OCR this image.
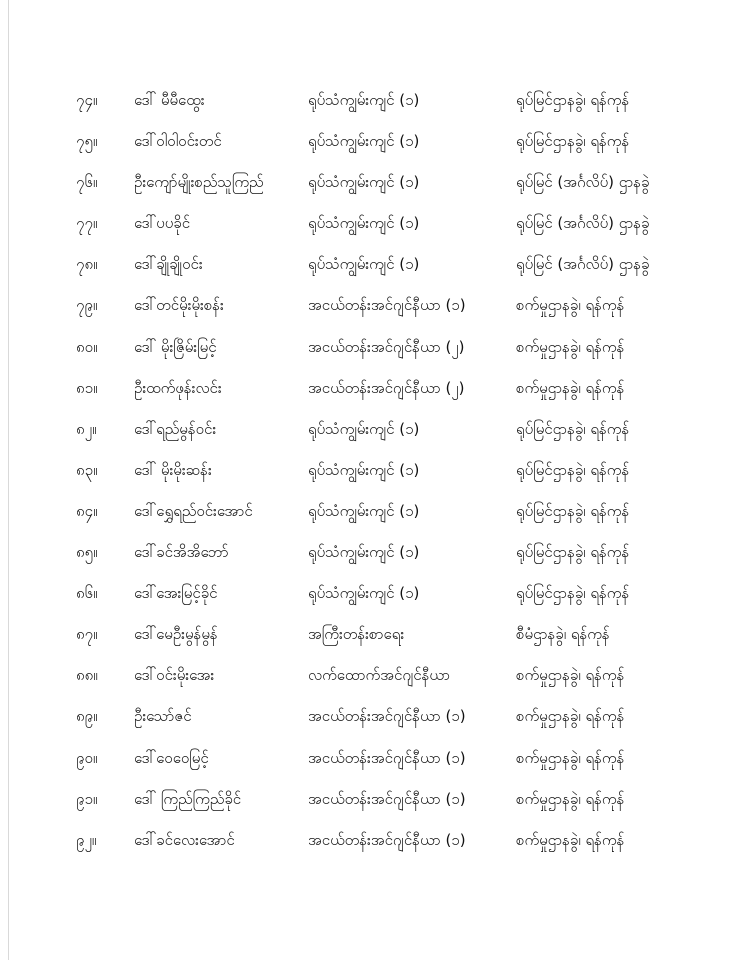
၇၄။ ဒေါ် မီမီထွေး	ရုပ်သံကျွမ်းကျင် (၁)	ရုပ်မြင်ဌာနခွဲ၊ ရန်ကုန်
၇၅။ ဒေါ်ဝါဝါဝင်းတင်	ရုပ်သံကျွမ်းကျင် (၁)	ရုပ်မြင်ဌာနခွဲ၊ ရန်ကုန်
၇၆။ ဦးကျော်မျိုးစည်သူကြည်	ရုပ်သံကျွမ်းကျင် (၁)	ရုပ်မြင် (အင်္ဂလိပ်) ဌာနခွဲ
၇၇။ ဒေါ်ပပခိုင်	ရုပ်သံကျွမ်းကျင် (၁)	ရုပ်မြင် (အင်္ဂလိပ်) ဌာနခွဲ
၇၈။ ဒေါ်ချိုချိုဝင်း	ရုပ်သံကျွမ်းကျင် (၁)	ရုပ်မြင် (အင်္ဂလိပ်) ဌာနခွဲ
၇၉။ ဒေါ်တင်မိုးမိုးစန်း	အငယ်တန်းအင်ဂျင်နီယာ (၁)	စက်မှုဌာနခွဲ၊ ရန်ကုန်
၈၀။ ဒေါ် မိုးဇြိမ်းမြင့်	အငယ်တန်းအင်ဂျင်နီယာ (၂)	စက်မှုဌာနခွဲ၊ ရန်ကုန်
၈၁။ ဦးထက်ဖုန်းလင်း	အငယ်တန်းအင်ဂျင်နီယာ (၂)	စက်မှုဌာနခွဲ၊ ရန်ကုန်
၈၂။	ဒေါ်ရည်မွန်ဝင်း	ရုပ်သံကျွမ်းကျင် (၁)	ရုပ်မြင်ဌာနခွဲ၊ ရန်ကုန်
၈၃။ ဒေါ် မိုးမိုးဆန်း	ရုပ်သံကျွမ်းကျင် (၁)	ရုပ်မြင်ဌာနခွဲ၊ ရန်ကုန်
၈၄။ ဒေါ်ရွှေရည်ဝင်းအောင်	ရုပ်သံကျွမ်းကျင် (၁)	ရုပ်မြင်ဌာနခွဲ၊ ရန်ကုန်
၈၅။ ဒေါ်ခင်အိအိဘော်	ရုပ်သံကျွမ်းကျင် (၁)	ရုပ်မြင်ဌာနခွဲ၊ ရန်ကုန်
၈၆။ ဒေါ်အေးမြင့်ခိုင်	ရုပ်သံကျွမ်းကျင် (၁)	ရုပ်မြင်ဌာနခွဲ၊ ရန်ကုန်
၈၇။ ဒေါ်မေဦးမွန်မွန်	အကြီးတန်းစာရေး	စီမံဌာနခွဲ၊ ရန်ကုန်
၈၈။ ဒေါ်ဝင်းမိုးအေး	လက်ထောက်အင်ဂျင်နီယာ	စက်မှုဌာနခွဲ၊ ရန်ကုန်
၈၉။ ဦးသော်ဇင်	အငယ်တန်းအင်ဂျင်နီယာ (၁)	စက်မှုဌာနခွဲ၊ ရန်ကုန်
၉၀။ ဒေါ်ဝေဝေမြင့်	အငယ်တန်းအင်ဂျင်နီယာ (၁)	စက်မှုဌာနခွဲ၊ ရန်ကုန်
၉၁။ ဒေါ် ကြည်ကြည်ခိုင်	အငယ်တန်းအင်ဂျင်နီယာ (၁)	စက်မှုဌာနခွဲ၊ ရန်ကုန်
၉၂။	ဒေါ်ခင်လေးအောင်	အငယ်တန်းအင်ဂျင်နီယာ (၁)	စက်မှုဌာနခွဲ၊ ရန်ကုန်
